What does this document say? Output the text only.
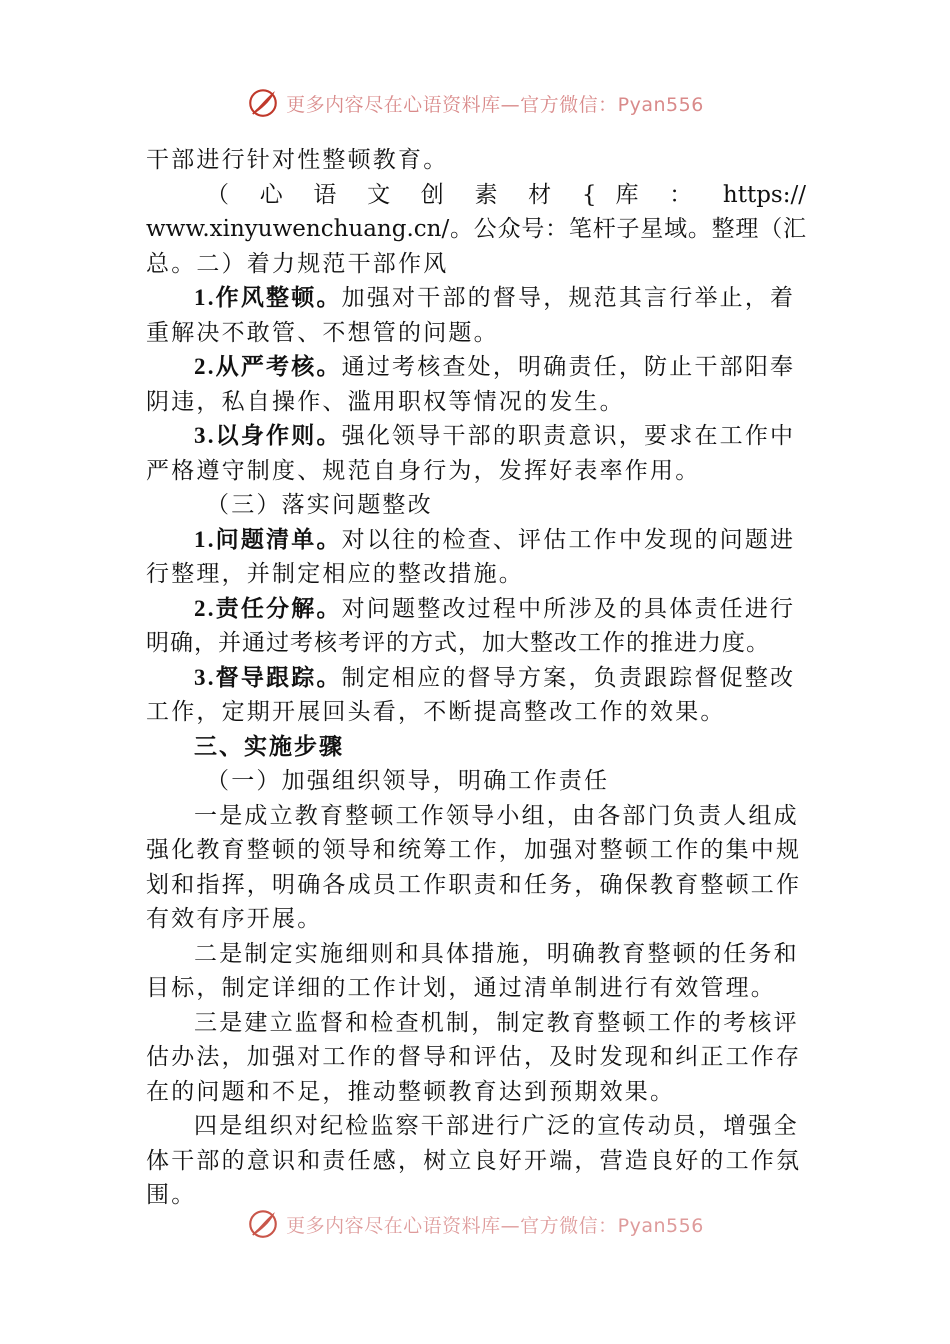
更多内容尽在心语资料库—官方微信：Pyan556
干部进行针对性整顿教育。
（ 心 语 文 创 素 材 { 库 ： https://
www.xinyuwenchuang.cn/。公众号：笔杆子星域。整理（汇
总。二）着力规范干部作风
1.作风整顿。加强对干部的督导，规范其言行举止，着
重解决不敢管、不想管的问题。
2.从严考核。通过考核查处，明确责任，防止干部阳奉
阴违，私自操作、滥用职权等情况的发生。
3.以身作则。强化领导干部的职责意识，要求在工作中
严格遵守制度、规范自身行为，发挥好表率作用。
（三）落实问题整改
1.问题清单。对以往的检查、评估工作中发现的问题进
行整理，并制定相应的整改措施。
2.责任分解。对问题整改过程中所涉及的具体责任进行
明确，并通过考核考评的方式，加大整改工作的推进力度。
3.督导跟踪。制定相应的督导方案，负责跟踪督促整改
工作，定期开展回头看，不断提高整改工作的效果。
三、实施步骤
（一）加强组织领导，明确工作责任
一是成立教育整顿工作领导小组，由各部门负责人组成
强化教育整顿的领导和统筹工作，加强对整顿工作的集中规
划和指挥，明确各成员工作职责和任务，确保教育整顿工作
有效有序开展。
二是制定实施细则和具体措施，明确教育整顿的任务和
目标，制定详细的工作计划，通过清单制进行有效管理。
三是建立监督和检查机制，制定教育整顿工作的考核评
估办法，加强对工作的督导和评估，及时发现和纠正工作存
在的问题和不足，推动整顿教育达到预期效果。
四是组织对纪检监察干部进行广泛的宣传动员，增强全
体干部的意识和责任感，树立良好开端，营造良好的工作氛
围。
更多内容尽在心语资料库—官方微信：Pyan556
